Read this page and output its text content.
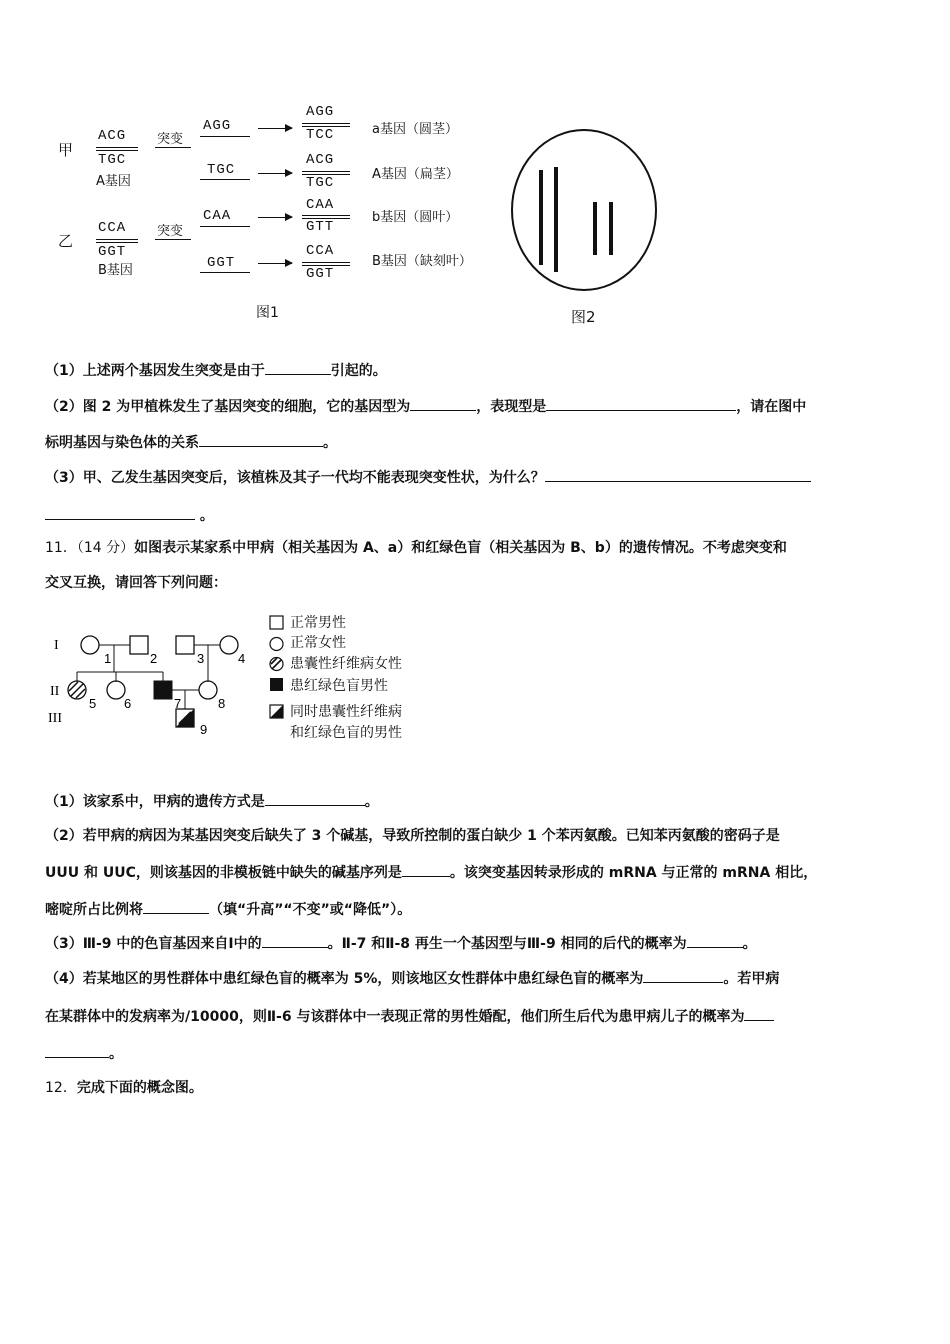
甲
乙
ACG
TGC
A基因
突变
AGG
TGC
AGG
TCC	a基因（圆茎）
ACG
TGC
A基因（扁茎）
CCA
GGT
B基因
突变
CAA
GGT
CAA
GTT
b基因（圆叶）
CCA
GGT
B基因（缺刻叶）
图1	图2
（1）上述两个基因发生突变是由于	引起的。
（2）图 2 为甲植株发生了基因突变的细胞，它的基因型为	，表现型是	，请在图中
标明基因与染色体的关系	。
（3）甲、乙发生基因突变后，该植株及其子一代均不能表现突变性状，为什么？
。
11．（14 分）如图表示某家系中甲病（相关基因为 A、a）和红绿色盲（相关基因为 B、b）的遗传情况。不考虑突变和
交叉互换，请回答下列问题：
I
II
III
1	2	3	4
5 6	7	8
9
正常男性
正常女性
患囊性纤维病女性
患红绿色盲男性
同时患囊性纤维病
和红绿色盲的男性
（1）该家系中，甲病的遗传方式是	。
（2）若甲病的病因为某基因突变后缺失了 3 个碱基，导致所控制的蛋白缺少 1 个苯丙氨酸。已知苯丙氨酸的密码子是
UUU 和 UUC，则该基因的非模板链中缺失的碱基序列是	。该突变基因转录形成的 mRNA 与正常的 mRNA 相比，
嘧啶所占比例将	（填“升高”“不变”或“降低”）。
（3）Ⅲ-9 中的色盲基因来自Ⅰ中的	。Ⅱ-7 和Ⅱ-8 再生一个基因型与Ⅲ-9 相同的后代的概率为	。
（4）若某地区的男性群体中患红绿色盲的概率为 5%，则该地区女性群体中患红绿色盲的概率为	。若甲病
在某群体中的发病率为/10000，则Ⅱ-6 与该群体中一表现正常的男性婚配，他们所生后代为患甲病儿子的概率为
。
12．完成下面的概念图。
